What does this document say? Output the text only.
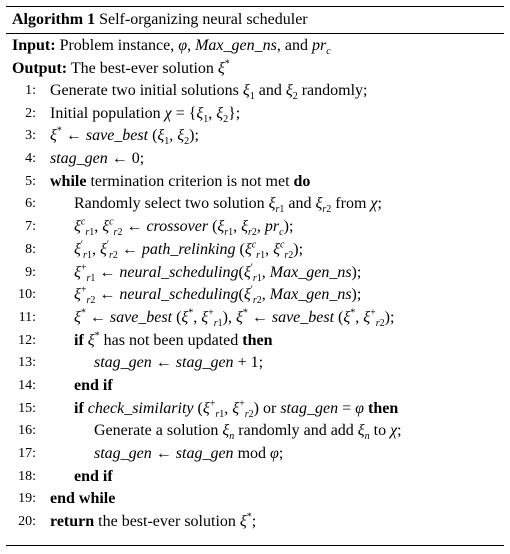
Algorithm 1 Self-organizing neural scheduler
Input: Problem instance, φ, Max_gen_ns, and $pr_c$
Output: The best-ever solution ξ*
1: Generate two initial solutions $\xi_1$ and $\xi_2$ randomly;
2: Initial population $\chi = \{\xi_1$, $\xi_2$};
3: ξ* ← save_best ($\xi_1$, $\xi_2$);
4: stag_gen ← 0;
5: while termination criterion is not met do
6: Randomly select two solution $\xi_{r1}$ and $\xi_{r2}$ from χ;
7: $\xi^c_{r1}$, $\xi^c_{r2}$ ← crossover ($\xi_{r1}$, $\xi_{r2}$, $pr_c$);
8: $\xi'_{r1}$, $\xi'_{r2}$ ← path_relinking ($\xi^c_{r1}$, $\xi^c_{r2}$);
9: $\xi^+_{r1}$ ← $neural\_scheduling(\xi'_{r1}$, Max_gen_ns);
10: $\xi^+_{r2}$ ← $neural\_scheduling(\xi'_{r2}$, Max_gen_ns);
11: ξ* ← save_best (ξ*, $\xi^+_{r1}$), ξ* ← save_best (ξ*, $\xi^+_{r2}$);
12: if ξ* has not been updated then
13:	stag_gen ← stag_gen + 1;
14: end if
15: if check_similarity ($\xi^+_{r1}$, $\xi^+_{r2}$) or stag_gen = φ then
16:	Generate a solution $\xi_n$ randomly and add $\xi_n$ to χ;
17:	stag_gen ← stag_gen mod φ;
18: end if
19: end while
20: return the best-ever solution ξ*;
